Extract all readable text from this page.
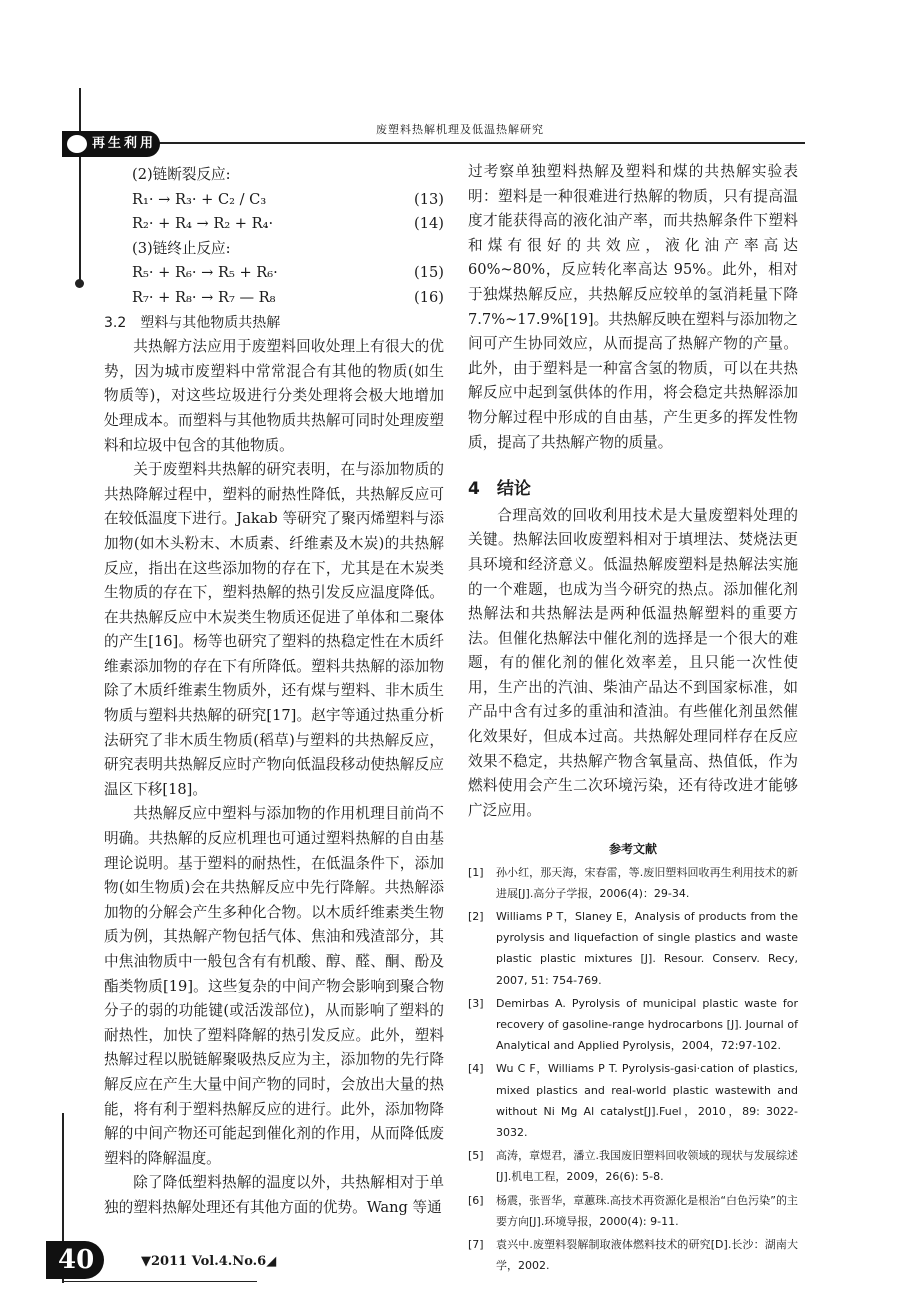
废塑料热解机理及低温热解研究
再生利用
(2)链断裂反应:
R₁· → R₃· + C₂ / C₃	(13)
R₂· + R₄ → R₂ + R₄·	(14)
(3)链终止反应:
R₅· + R₆· → R₅ + R₆·	(15)
R₇· + R₈· → R₇ — R₈	(16)
3.2　塑料与其他物质共热解

共热解方法应用于废塑料回收处理上有很大的优势，因为城市废塑料中常常混合有其他的物质(如生物质等)，对这些垃圾进行分类处理将会极大地增加处理成本。而塑料与其他物质共热解可同时处理废塑料和垃圾中包含的其他物质。

关于废塑料共热解的研究表明，在与添加物质的共热降解过程中，塑料的耐热性降低，共热解反应可在较低温度下进行。Jakab 等研究了聚丙烯塑料与添加物(如木头粉末、木质素、纤维素及木炭)的共热解反应，指出在这些添加物的存在下，尤其是在木炭类生物质的存在下，塑料热解的热引发反应温度降低。在共热解反应中木炭类生物质还促进了单体和二聚体的产生[16]。杨等也研究了塑料的热稳定性在木质纤维素添加物的存在下有所降低。塑料共热解的添加物除了木质纤维素生物质外，还有煤与塑料、非木质生物质与塑料共热解的研究[17]。赵宇等通过热重分析法研究了非木质生物质(稻草)与塑料的共热解反应，研究表明共热解反应时产物向低温段移动使热解反应温区下移[18]。

共热解反应中塑料与添加物的作用机理目前尚不明确。共热解的反应机理也可通过塑料热解的自由基理论说明。基于塑料的耐热性，在低温条件下，添加物(如生物质)会在共热解反应中先行降解。共热解添加物的分解会产生多种化合物。以木质纤维素类生物质为例，其热解产物包括气体、焦油和残渣部分，其中焦油物质中一般包含有有机酸、醇、醛、酮、酚及酯类物质[19]。这些复杂的中间产物会影响到聚合物分子的弱的功能键(或活泼部位)，从而影响了塑料的耐热性，加快了塑料降解的热引发反应。此外，塑料热解过程以脱链解聚吸热反应为主，添加物的先行降解反应在产生大量中间产物的同时，会放出大量的热能，将有利于塑料热解反应的进行。此外，添加物降解的中间产物还可能起到催化剂的作用，从而降低废塑料的降解温度。

除了降低塑料热解的温度以外，共热解相对于单独的塑料热解处理还有其他方面的优势。Wang 等通

40	▼2011 Vol.4.No.6◢

过考察单独塑料热解及塑料和煤的共热解实验表明：塑料是一种很难进行热解的物质，只有提高温度才能获得高的液化油产率，而共热解条件下塑料和煤有很好的共效应，液化油产率高达 60%~80%，反应转化率高达 95%。此外，相对于独煤热解反应，共热解反应较单的氢消耗量下降 7.7%~17.9%[19]。共热解反映在塑料与添加物之间可产生协同效应，从而提高了热解产物的产量。此外，由于塑料是一种富含氢的物质，可以在共热解反应中起到氢供体的作用，将会稳定共热解添加物分解过程中形成的自由基，产生更多的挥发性物质，提高了共热解产物的质量。

4　结论

合理高效的回收利用技术是大量废塑料处理的关键。热解法回收废塑料相对于填埋法、焚烧法更具环境和经济意义。低温热解废塑料是热解法实施的一个难题，也成为当今研究的热点。添加催化剂热解法和共热解法是两种低温热解塑料的重要方法。但催化热解法中催化剂的选择是一个很大的难题，有的催化剂的催化效率差，且只能一次性使用，生产出的汽油、柴油产品达不到国家标准，如产品中含有过多的重油和渣油。有些催化剂虽然催化效果好，但成本过高。共热解处理同样存在反应效果不稳定，共热解产物含氧量高、热值低，作为燃料使用会产生二次环境污染，还有待改进才能够广泛应用。

参考文献
[1] 孙小红，那天海，宋春雷，等.废旧塑料回收再生利用技术的新进展[J].高分子学报，2006(4)：29-34.
[2] Williams P T，Slaney E，Analysis of products from the pyrolysis and liquefaction of single plastics and waste plastic plastic mixtures [J]. Resour. Conserv. Recy, 2007, 51: 754-769.
[3] Demirbas A. Pyrolysis of municipal plastic waste for recovery of gasoline-range hydrocarbons [J]. Journal of Analytical and Applied Pyrolysis，2004，72:97-102.
[4] Wu C F，Williams P T. Pyrolysis-gasi·cation of plastics, mixed plastics and real-world plastic wastewith and without Ni Mg Al catalyst[J].Fuel，2010，89: 3022-3032.
[5] 高涛，章煜君，潘立.我国废旧塑料回收领域的现状与发展综述[J].机电工程，2009，26(6): 5-8.
[6] 杨震，张晋华，章蕙珠.高技术再资源化是根治“白色污染”的主要方向[J].环境导报，2000(4): 9-11.
[7] 袁兴中.废塑料裂解制取液体燃料技术的研究[D].长沙：湖南大学，2002.
